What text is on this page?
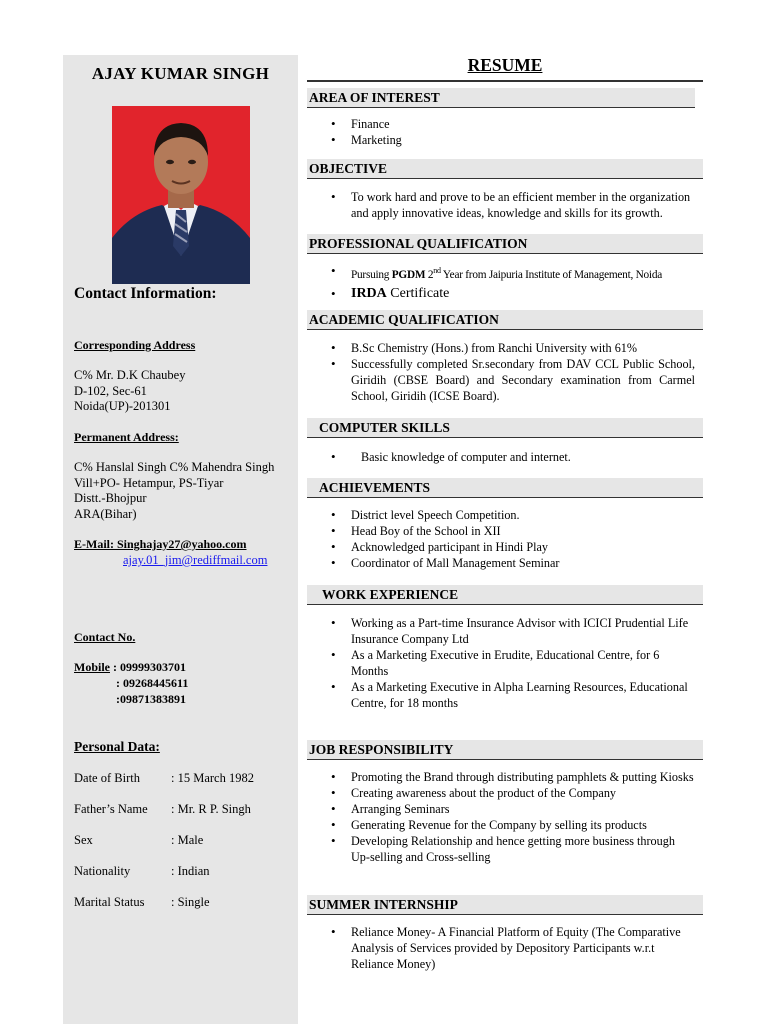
AJAY KUMAR SINGH
Contact Information:
Corresponding Address
C% Mr. D.K Chaubey
D-102, Sec-61
Noida(UP)-201301
Permanent Address:
C% Hanslal Singh C% Mahendra Singh
Vill+PO- Hetampur, PS-Tiyar
Distt.-Bhojpur
ARA(Bihar)
E-Mail: Singhajay27@yahoo.com
ajay.01_jim@rediffmail.com
Contact No.
Mobile : 09999303701
: 09268445611
:09871383891
Personal Data:
Date of Birth : 15 March 1982
Father’s Name : Mr. R P. Singh
Sex	: Male
Nationality	: Indian
Marital Status : Single
RESUME
AREA OF INTEREST
• Finance
• Marketing
OBJECTIVE
• To work hard and prove to be an efficient member in the organization and apply innovative ideas, knowledge and skills for its growth.
PROFESSIONAL QUALIFICATION
• Pursuing PGDM 2nd Year from Jaipuria Institute of Management, Noida
• IRDA Certificate
ACADEMIC QUALIFICATION
• B.Sc Chemistry (Hons.) from Ranchi University with 61%
• Successfully completed Sr.secondary from DAV CCL Public School, Giridih (CBSE Board) and Secondary examination from Carmel School, Giridih (ICSE Board).
COMPUTER SKILLS
• Basic knowledge of computer and internet.
ACHIEVEMENTS
• District level Speech Competition.
• Head Boy of the School in XII
• Acknowledged participant in Hindi Play
• Coordinator of Mall Management Seminar
WORK EXPERIENCE
• Working as a Part-time Insurance Advisor with ICICI Prudential Life Insurance Company Ltd
• As a Marketing Executive in Erudite, Educational Centre, for 6 Months
• As a Marketing Executive in Alpha Learning Resources, Educational Centre, for 18 months
JOB RESPONSIBILITY
• Promoting the Brand through distributing pamphlets & putting Kiosks
• Creating awareness about the product of the Company
• Arranging Seminars
• Generating Revenue for the Company by selling its products
• Developing Relationship and hence getting more business through Up-selling and Cross-selling
SUMMER INTERNSHIP
• Reliance Money- A Financial Platform of Equity (The Comparative Analysis of Services provided by Depository Participants w.r.t Reliance Money)
